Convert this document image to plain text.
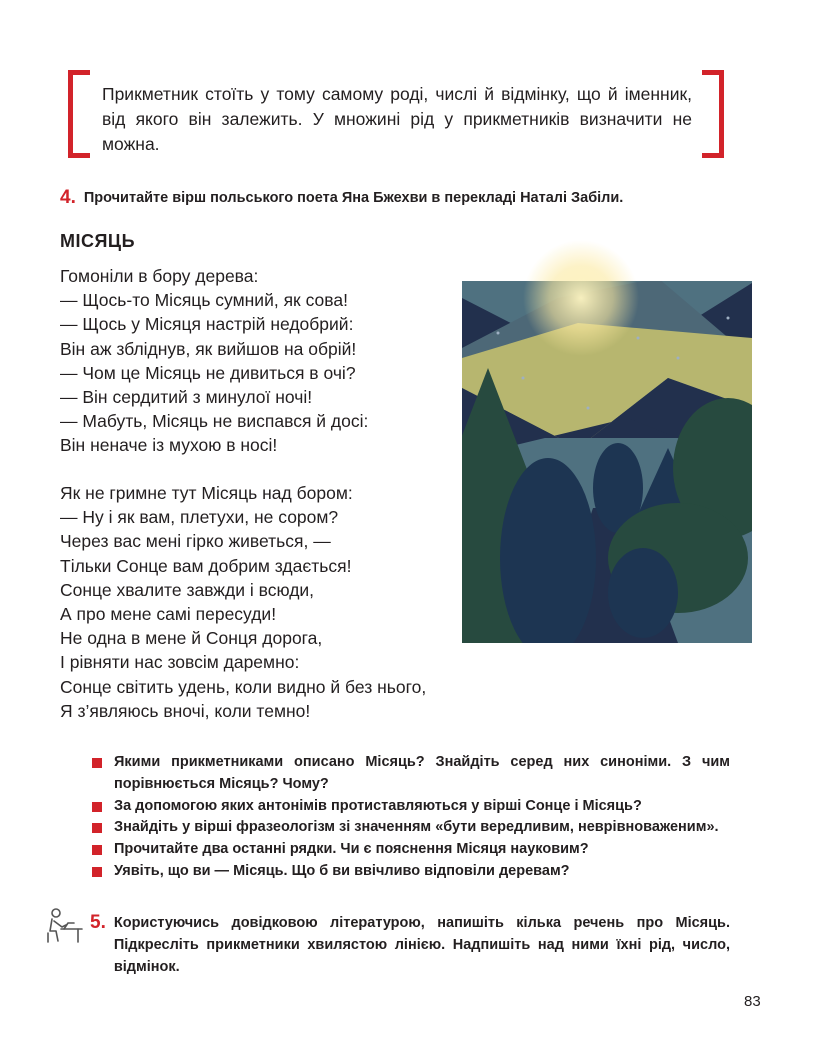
Прикметник стоїть у тому самому роді, числі й відмінку, що й іменник, від якого він залежить. У множині рід у прикметників визначити не можна.
4. Прочитайте вірш польського поета Яна Бжехви в перекладі Наталі Забіли.
МІСЯЦЬ
Гомоніли в бору дерева:
— Щось-то Місяць сумний, як сова!
— Щось у Місяця настрій недобрий:
Він аж збліднув, як вийшов на обрій!
— Чом це Місяць не дивиться в очі?
— Він сердитий з минулої ночі!
— Мабуть, Місяць не виспався й досі:
Він неначе із мухою в носі!
Як не гримне тут Місяць над бором:
— Ну і як вам, плетухи, не сором?
Через вас мені гірко живеться, —
Тільки Сонце вам добрим здається!
Сонце хвалите завжди і всюди,
А про мене самі пересуди!
Не одна в мене й Сонця дорога,
І рівняти нас зовсім даремно:
Сонце світить удень, коли видно й без нього,
Я з’являюсь вночі, коли темно!
Якими прикметниками описано Місяць? Знайдіть серед них синоніми. З чим порівнюється Місяць? Чому?
За допомогою яких антонімів протиставляються у вірші Сонце і Місяць?
Знайдіть у вірші фразеологізм зі значенням «бути вередливим, неврівноваженим».
Прочитайте два останні рядки. Чи є пояснення Місяця науковим?
Уявіть, що ви — Місяць. Що б ви ввічливо відповіли деревам?
5. Користуючись довідковою літературою, напишіть кілька речень про Місяць. Підкресліть прикметники хвилястою лінією. Надпишіть над ними їхні рід, число, відмінок.
83
